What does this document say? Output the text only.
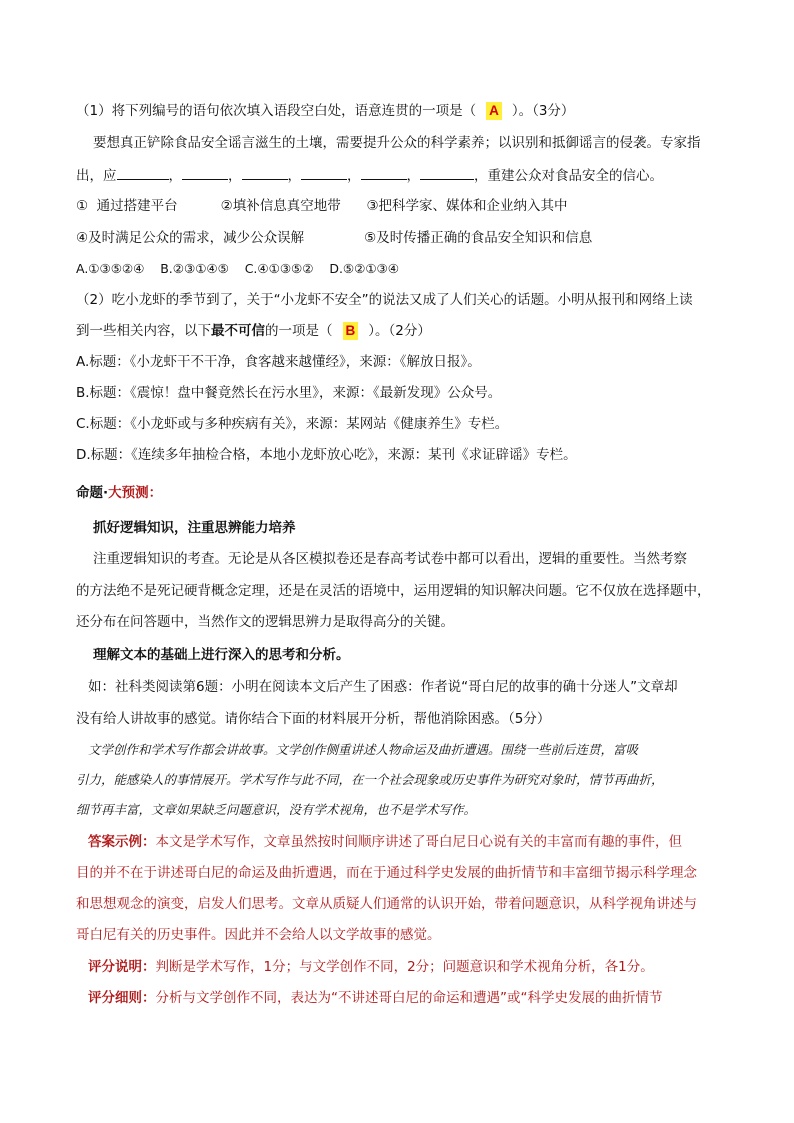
（1）将下列编号的语句依次填入语段空白处，语意连贯的一项是（ A ）。（3分）
要想真正铲除食品安全谣言滋生的土壤，需要提升公众的科学素养；以识别和抵御谣言的侵袭。专家指
出，应	，	，	，	，	，	，重建公众对食品安全的信心。
①  通过搭建平台          ②填补信息真空地带      ③把科学家、媒体和企业纳入其中
④及时满足公众的需求，减少公众误解              ⑤及时传播正确的食品安全知识和信息
A.①③⑤②④    B.②③①④⑤    C.④①③⑤②    D.⑤②①③④
（2）吃小龙虾的季节到了，关于“小龙虾不安全”的说法又成了人们关心的话题。小明从报刊和网络上读
到一些相关内容，以下最不可信的一项是（ B ）。（2分）
A.标题：《小龙虾干不干净，食客越来越懂经》，来源：《解放日报》。
B.标题：《震惊！盘中餐竟然长在污水里》，来源：《最新发现》公众号。
C.标题：《小龙虾或与多种疾病有关》，来源：某网站《健康养生》专栏。
D.标题：《连续多年抽检合格，本地小龙虾放心吃》，来源：某刊《求证辟谣》专栏。
命题·大预测：
抓好逻辑知识，注重思辨能力培养
注重逻辑知识的考查。无论是从各区模拟卷还是春高考试卷中都可以看出，逻辑的重要性。当然考察
的方法绝不是死记硬背概念定理，还是在灵活的语境中，运用逻辑的知识解决问题。它不仅放在选择题中，
还分布在问答题中，当然作文的逻辑思辨力是取得高分的关键。
理解文本的基础上进行深入的思考和分析。
如：社科类阅读第6题：小明在阅读本文后产生了困惑：作者说“哥白尼的故事的确十分迷人”文章却
没有给人讲故事的感觉。请你结合下面的材料展开分析，帮他消除困惑。（5分）
文学创作和学术写作都会讲故事。文学创作侧重讲述人物命运及曲折遭遇。围绕一些前后连贯，富吸
引力，能感染人的事情展开。学术写作与此不同，在一个社会现象或历史事件为研究对象时，情节再曲折，
细节再丰富，文章如果缺乏问题意识，没有学术视角，也不是学术写作。
答案示例：本文是学术写作，文章虽然按时间顺序讲述了哥白尼日心说有关的丰富而有趣的事件，但
目的并不在于讲述哥白尼的命运及曲折遭遇，而在于通过科学史发展的曲折情节和丰富细节揭示科学理念
和思想观念的演变，启发人们思考。文章从质疑人们通常的认识开始，带着问题意识，从科学视角讲述与
哥白尼有关的历史事件。因此并不会给人以文学故事的感觉。
评分说明：判断是学术写作，1分；与文学创作不同，2分；问题意识和学术视角分析，各1分。
评分细则：分析与文学创作不同，表达为“不讲述哥白尼的命运和遭遇”或“科学史发展的曲折情节
